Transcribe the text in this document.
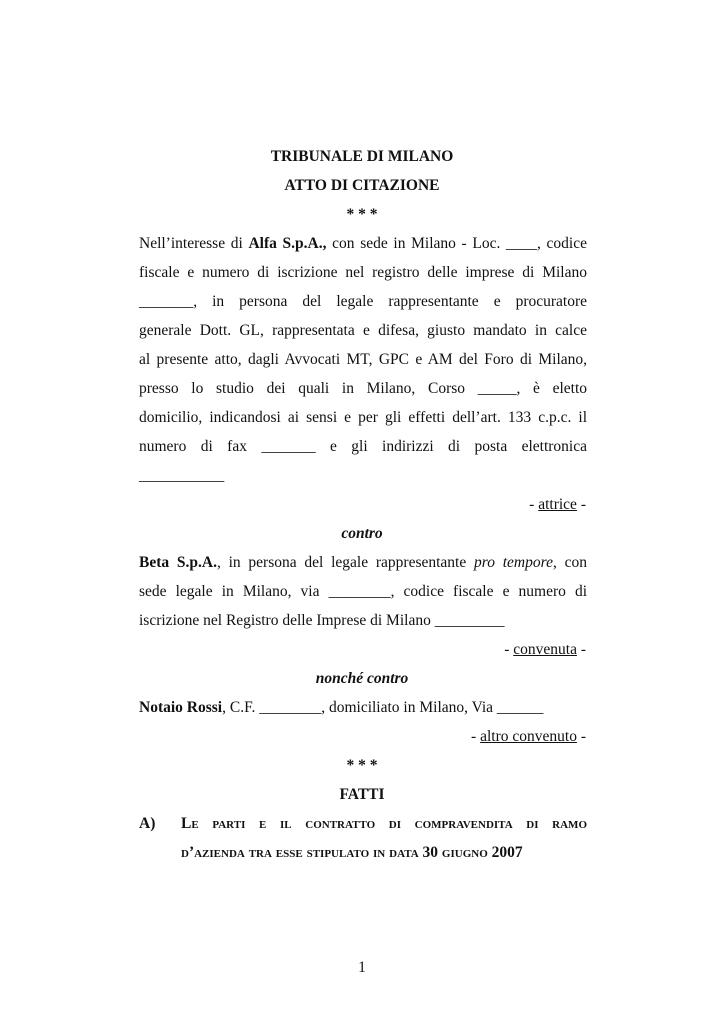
TRIBUNALE DI MILANO
ATTO DI CITAZIONE
* * *
Nell’interesse di Alfa S.p.A., con sede in Milano - Loc. ____, codice
fiscale e numero di iscrizione nel registro delle imprese di Milano
_______, in persona del legale rappresentante e procuratore
generale Dott. GL, rappresentata e difesa, giusto mandato in calce
al presente atto, dagli Avvocati MT, GPC e AM del Foro di Milano,
presso lo studio dei quali in Milano, Corso _____, è eletto
domicilio, indicandosi ai sensi e per gli effetti dell’art. 133 c.p.c. il
numero di fax _______ e gli indirizzi di posta elettronica
___________
- attrice -
contro
Beta S.p.A., in persona del legale rappresentante pro tempore, con
sede legale in Milano, via ________, codice fiscale e numero di
iscrizione nel Registro delle Imprese di Milano _________
- convenuta -
nonché contro
Notaio Rossi, C.F. ________, domiciliato in Milano, Via ______
- altro convenuto -
* * *
FATTI
A) Le parti e il contratto di compravendita di ramo
d’azienda tra esse stipulato in data 30 giugno 2007
1
